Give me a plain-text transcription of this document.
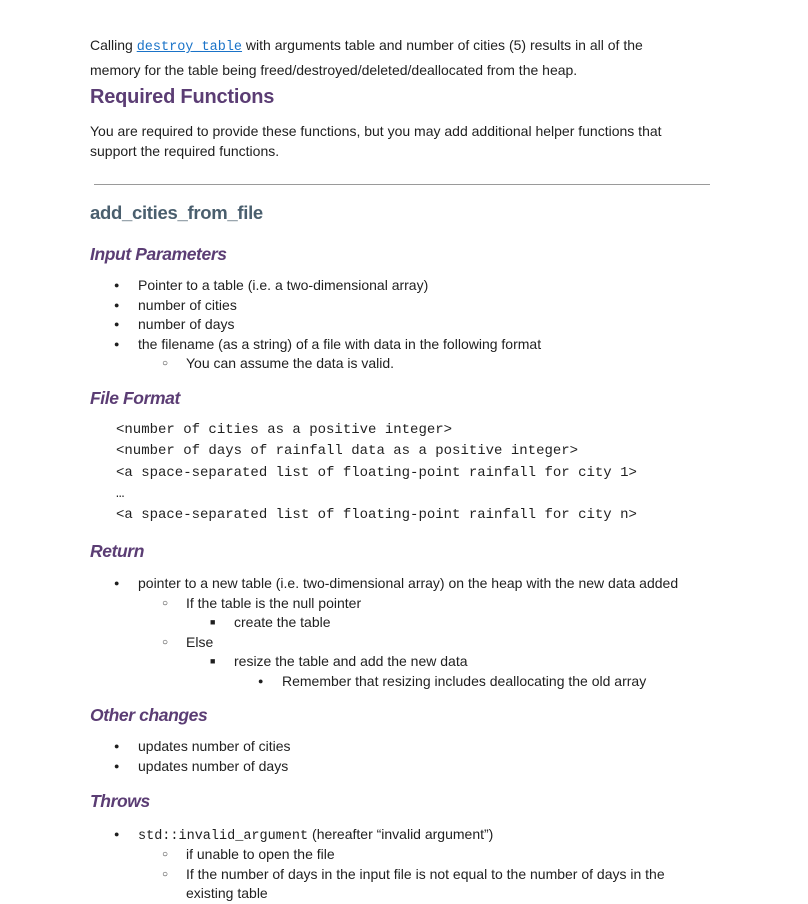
Calling destroy_table with arguments table and number of cities (5) results in all of the
memory for the table being freed/destroyed/deleted/deallocated from the heap.
Required Functions
You are required to provide these functions, but you may add additional helper functions that support the required functions.
add_cities_from_file
Input Parameters
● Pointer to a table (i.e. a two-dimensional array)
● number of cities
● number of days
● the filename (as a string) of a file with data in the following format
○ You can assume the data is valid.
File Format
<number of cities as a positive integer>
<number of days of rainfall data as a positive integer>
<a space-separated list of floating-point rainfall for city 1>
…
<a space-separated list of floating-point rainfall for city n>
Return
● pointer to a new table (i.e. two-dimensional array) on the heap with the new data added
○ If the table is the null pointer
■ create the table
○ Else
■ resize the table and add the new data
● Remember that resizing includes deallocating the old array
Other changes
● updates number of cities
● updates number of days
Throws
● std::invalid_argument (hereafter “invalid argument”)
○ if unable to open the file
○ If the number of days in the input file is not equal to the number of days in the
existing table
